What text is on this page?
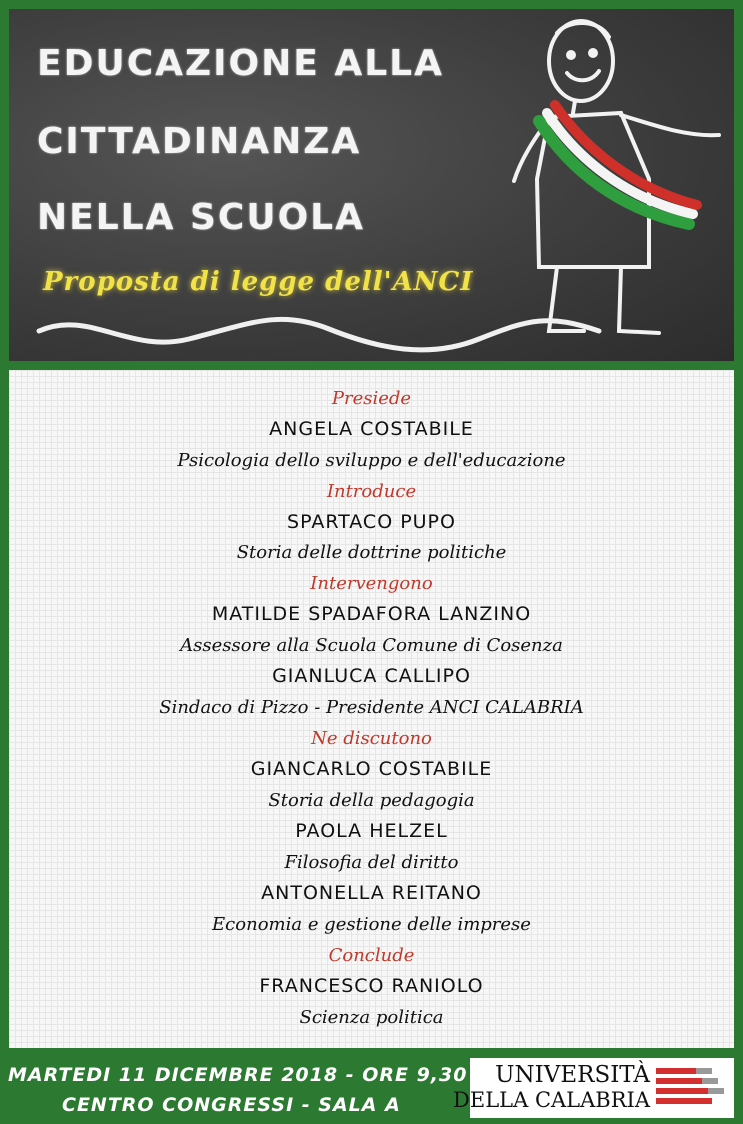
EDUCAZIONE ALLA
CITTADINANZA
NELLA SCUOLA
Proposta di legge dell'ANCI
Presiede
ANGELA COSTABILE
Psicologia dello sviluppo e dell'educazione
Introduce
SPARTACO PUPO
Storia delle dottrine politiche
Intervengono
MATILDE SPADAFORA LANZINO
Assessore alla Scuola Comune di Cosenza
GIANLUCA CALLIPO
Sindaco di Pizzo - Presidente ANCI CALABRIA
Ne discutono
GIANCARLO COSTABILE
Storia della pedagogia
PAOLA HELZEL
Filosofia del diritto
ANTONELLA REITANO
Economia e gestione delle imprese
Conclude
FRANCESCO RANIOLO
Scienza politica
MARTEDI 11 DICEMBRE 2018 - ORE 9,30
CENTRO CONGRESSI - SALA A
UNIVERSITÀ
DELLA CALABRIA
